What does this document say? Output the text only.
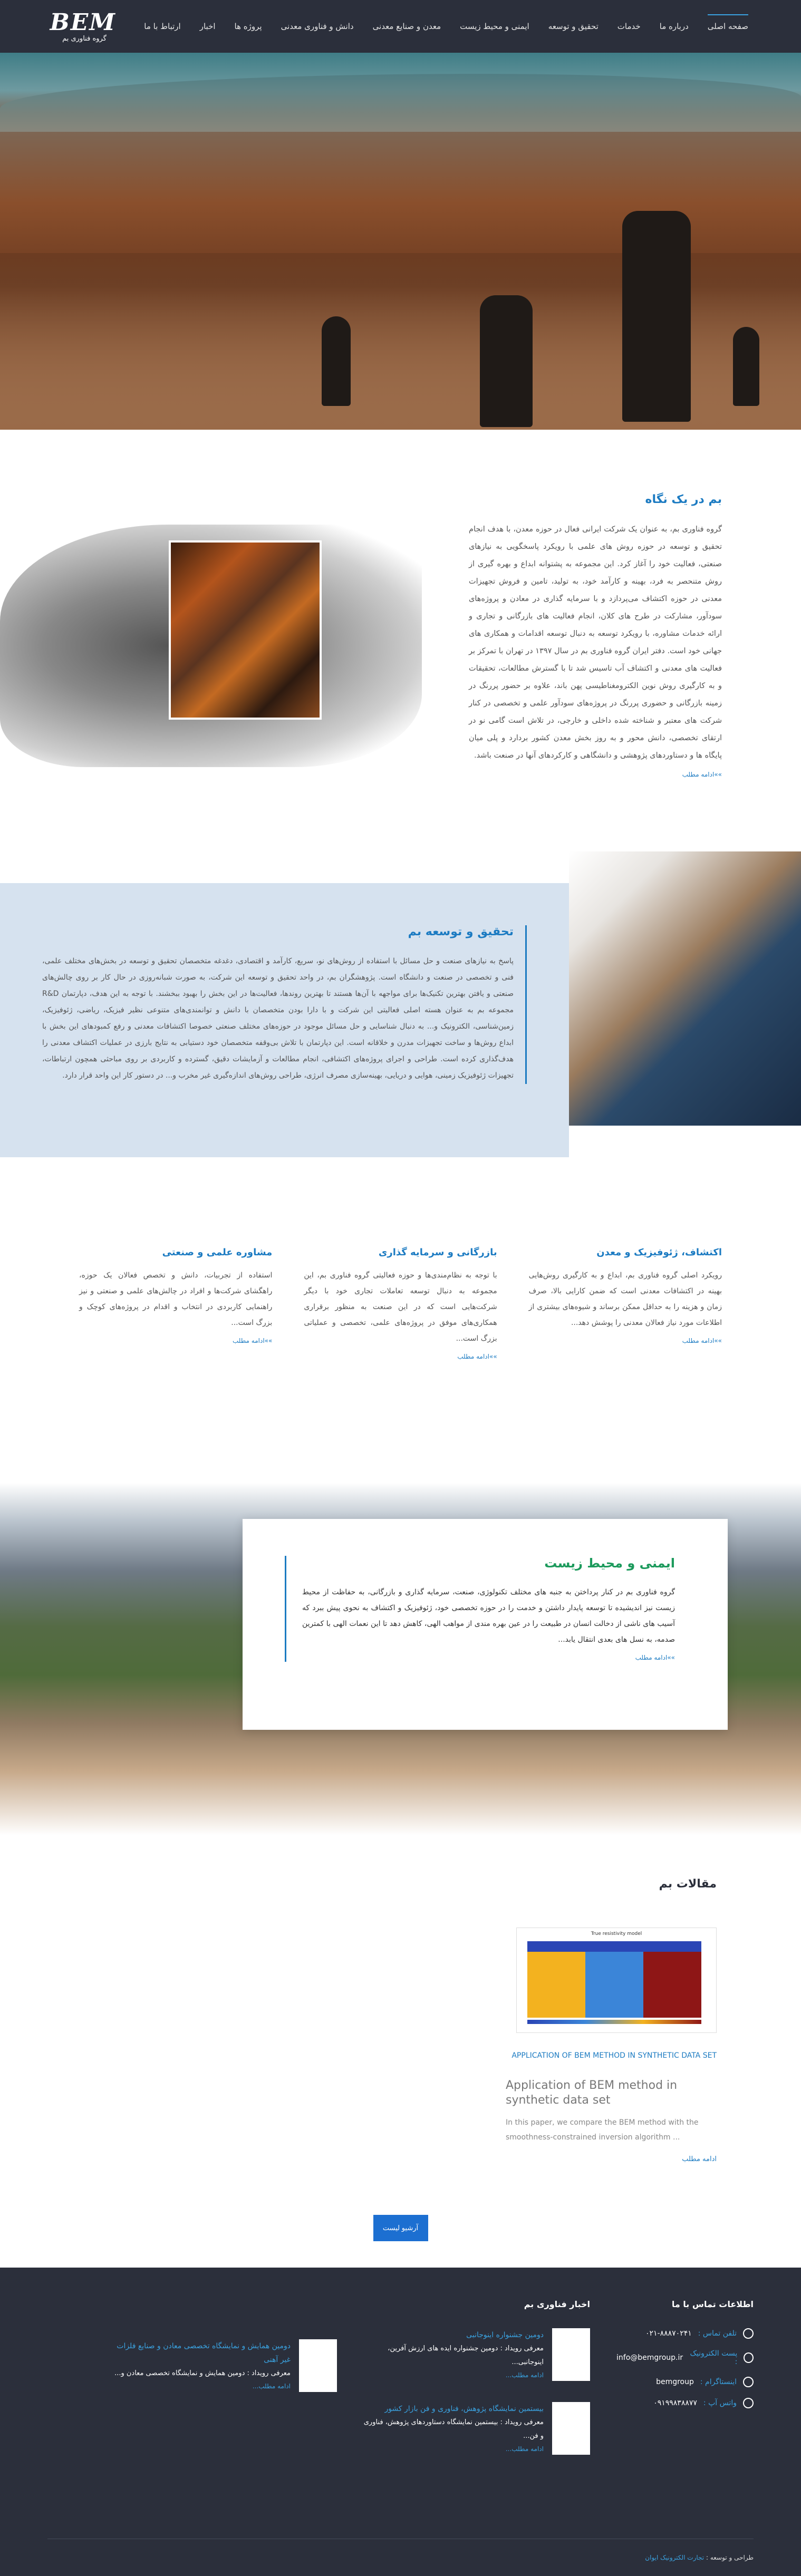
صفحه اصلی
درباره ما
خدمات
تحقیق و توسعه
ایمنی و محیط زیست
معدن و صنایع معدنی
دانش و فناوری معدنی
پروژه ها
اخبار
ارتباط با ما
BEM
گروه فناوری بم
بم در یک نگاه

گروه فناوری بم، به عنوان یک شرکت ایرانی فعال در حوزه معدن، با هدف انجام تحقیق و توسعه در حوزه روش های علمی با رویکرد پاسخگویی به نیازهای صنعتی، فعالیت خود را آغاز کرد. این مجموعه به پشتوانه ابداع و بهره گیری از روش متنحصر به فرد، بهینه و کارآمد خود، به تولید، تامین و فروش تجهیزات معدنی در حوزه اکتشاف می‌پردازد و با سرمایه گذاری در معادن و پروژه‌های سودآور، مشارکت در طرح های کلان، انجام فعالیت های بازرگانی و تجاری و ارائه خدمات مشاوره، با رویکرد توسعه به دنبال توسعه اقدامات و همکاری های جهانی خود است. دفتر ایران گروه فناوری بم در سال ۱۳۹۷ در تهران با تمرکز بر فعالیت های معدنی و اکتشاف آب تاسیس شد تا با گسترش مطالعات، تحقیقات و به کارگیری روش نوین الکترومغناطیسی پهن باند، علاوه بر حضور پررنگ در زمینه بازرگانی و حضوری پررنگ در پروژه‌های سودآور علمی و تخصصی در کنار شرکت های معتبر و شناخته شده داخلی و خارجی، در تلاش است گامی نو در ارتقای تخصصی، دانش محور و به روز بخش معدن کشور بردارد و پلی میان پایگاه ها و دستاوردهای پژوهشی و دانشگاهی و کارکردهای آنها در صنعت باشد.

»» ادامه مطلب
تحقیق و توسعه بم

پاسخ به نیازهای صنعت و حل مسائل با استفاده از روش‌های نو، سریع، کارآمد و اقتصادی، دغدغه متخصصان تحقیق و توسعه در بخش‌های مختلف علمی، فنی و تخصصی در صنعت و دانشگاه است. پژوهشگران بم، در واحد تحقیق و توسعه این شرکت، به صورت شبانه‌روزی در حال کار بر روی چالش‌های صنعتی و یافتن بهترین تکنیک‌ها برای مواجهه با آن‌ها هستند تا بهترین روندها، فعالیت‌ها در این بخش را بهبود ببخشند. با توجه به این هدف، دپارتمان R&D مجموعه بم به عنوان هسته اصلی فعالیتی این شرکت و با دارا بودن متخصصان با دانش و توانمندی‌های متنوعی نظیر فیزیک، ریاضی، ژئوفیزیک، زمین‌شناسی، الکترونیک و... به دنبال شناسایی و حل مسائل موجود در حوزه‌های مختلف صنعتی خصوصا اکتشافات معدنی و رفع کمبودهای این بخش با ابداع روش‌ها و ساخت تجهیزات مدرن و خلاقانه است. این دپارتمان با تلاش بی‌وقفه متخصصان خود دستیابی به نتایج بارزی در عملیات اکتشاف معدنی را هدف‌گذاری کرده است. طراحی و اجرای پروژه‌های اکتشافی، انجام مطالعات و آزمایشات دقیق، گسترده و کاربردی بر روی مباحثی همچون ارتباطات، تجهیزات ژئوفیزیک زمینی، هوایی و دریایی، بهینه‌سازی مصرف انرژی، طراحی روش‌های اندازه‌گیری غیر مخرب و... در دستور کار این واحد قرار دارد.

اکتشاف، ژئوفیزیک و معدن

رویکرد اصلی گروه فناوری بم، ابداع و به کارگیری روش‌هایی بهینه در اکتشافات معدنی است که ضمن کارایی بالا، صرف زمان و هزینه را به حداقل ممکن برساند و شیوه‌های بیشتری از اطلاعات مورد نیاز فعالان معدنی را پوشش دهد...

»» ادامه مطلب
بازرگانی و سرمایه گذاری

با توجه به نظام‌مندی‌ها و حوزه فعالیتی گروه فناوری بم، این مجموعه به دنبال توسعه تعاملات تجاری خود با دیگر شرکت‌هایی است که در این صنعت به منظور برقراری همکاری‌های موفق در پروژه‌های علمی، تخصصی و عملیاتی بزرگ است...

»» ادامه مطلب
مشاوره علمی و صنعتی

استفاده از تجربیات، دانش و تخصص فعالان یک حوزه، راهگشای شرکت‌ها و افراد در چالش‌های علمی و صنعتی و نیز راهنمایی کاربردی در انتخاب و اقدام در پروژه‌های کوچک و بزرگ است...

»» ادامه مطلب
ایمنی و محیط زیست

گروه فناوری بم در کنار پرداختن به جنبه های مختلف تکنولوژی، صنعت، سرمایه گذاری و بازرگانی، به حفاظت از محیط زیست نیز اندیشیده تا توسعه پایدار داشتن و خدمت را در حوزه تخصصی خود، ژئوفیزیک و اکتشاف به نحوی پیش ببرد که آسیب های ناشی از دخالت انسان در طبیعت را در عین بهره مندی از مواهب الهی، کاهش دهد تا این نعمات الهی با کمترین صدمه، به نسل های بعدی انتقال یابد...

»» ادامه مطلب
مقالات بم
True resistivity model
APPLICATION OF BEM METHOD IN SYNTHETIC DATA SET
Application of BEM method in synthetic data set
In this paper, we compare the BEM method with the smoothness-constrained inversion algorithm ...
ادامه مطلب
آرشیو لیست
اطلاعات تماس با ما
تلفن تماس :
۰۲۱-۸۸۸۷۰۲۴۱
پست الکترونیک :
info@bemgroup.ir
اینستاگرام :
bemgroup
واتس آپ :
۰۹۱۹۹۸۳۸۸۷۷
اخبار فناوری بم
دومین جشنواره اینوجانبی
معرفی رویداد : دومین جشنواره ایده های ارزش آفرین، اینوجانبی...
ادامه مطلب...
بیستمین نمایشگاه پژوهش، فناوری و فن بازار کشور
معرفی رویداد : بیستمین نمایشگاه دستاوردهای پژوهش، فناوری و فن...
ادامه مطلب...
دومین همایش و نمایشگاه تخصصی معادن و صنایع فلزات غیر آهنی
معرفی رویداد : دومین همایش و نمایشگاه تخصصی معادن و...
ادامه مطلب...
طراحی و توسعه : تجارت الکترونیک ایوان
